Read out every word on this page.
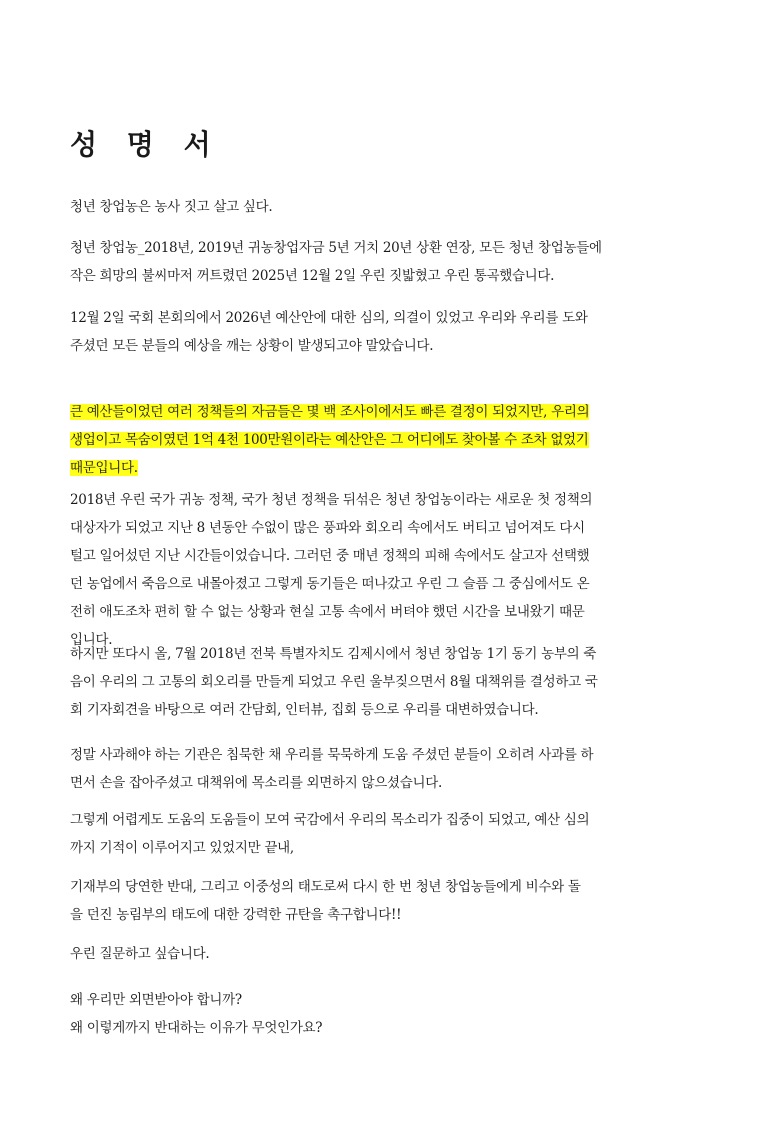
성 명 서

청년 창업농은 농사 짓고 살고 싶다.

청년 창업농_2018년, 2019년 귀농창업자금 5년 거치 20년 상환 연장, 모든 청년 창업농들에
작은 희망의 불씨마저 꺼트렸던 2025년 12월 2일 우린 짓밟혔고 우린 통곡했습니다.

12월 2일 국회 본회의에서 2026년 예산안에 대한 심의, 의결이 있었고 우리와 우리를 도와
주셨던 모든 분들의 예상을 깨는 상황이 발생되고야 말았습니다.

큰 예산들이었던 여러 정책들의 자금들은 몇 백 조사이에서도 빠른 결정이 되었지만, 우리의
생업이고 목숨이였던 1억 4천 100만원이라는 예산안은 그 어디에도 찾아볼 수 조차 없었기
때문입니다.

2018년 우린 국가 귀농 정책, 국가 청년 정책을 뒤섞은 청년 창업농이라는 새로운 첫 정책의
대상자가 되었고 지난 8 년동안 수없이 많은 풍파와 회오리 속에서도 버티고 넘어져도 다시
털고 일어섰던 지난 시간들이었습니다. 그러던 중 매년 정책의 피해 속에서도 살고자 선택했
던 농업에서 죽음으로 내몰아졌고 그렇게 동기들은 떠나갔고 우린 그 슬픔 그 중심에서도 온
전히 애도조차 편히 할 수 없는 상황과 현실 고통 속에서 버텨야 했던 시간을 보내왔기 때문
입니다.

하지만 또다시 올, 7월 2018년 전북 특별자치도 김제시에서 청년 창업농 1기 동기 농부의 죽
음이 우리의 그 고통의 회오리를 만들게 되었고 우린 울부짖으면서 8월 대책위를 결성하고 국
회 기자회견을 바탕으로 여러 간담회, 인터뷰, 집회 등으로 우리를 대변하였습니다.

정말 사과해야 하는 기관은 침묵한 채 우리를 묵묵하게 도움 주셨던 분들이 오히려 사과를 하
면서 손을 잡아주셨고 대책위에 목소리를 외면하지 않으셨습니다.

그렇게 어렵게도 도움의 도움들이 모여 국감에서 우리의 목소리가 집중이 되었고, 예산 심의
까지 기적이 이루어지고 있었지만 끝내,

기재부의 당연한 반대, 그리고 이중성의 태도로써 다시 한 번 청년 창업농들에게 비수와 돌
을 던진 농림부의 태도에 대한 강력한 규탄을 촉구합니다!!

우린 질문하고 싶습니다.

왜 우리만 외면받아야 합니까?
왜 이렇게까지 반대하는 이유가 무엇인가요?
